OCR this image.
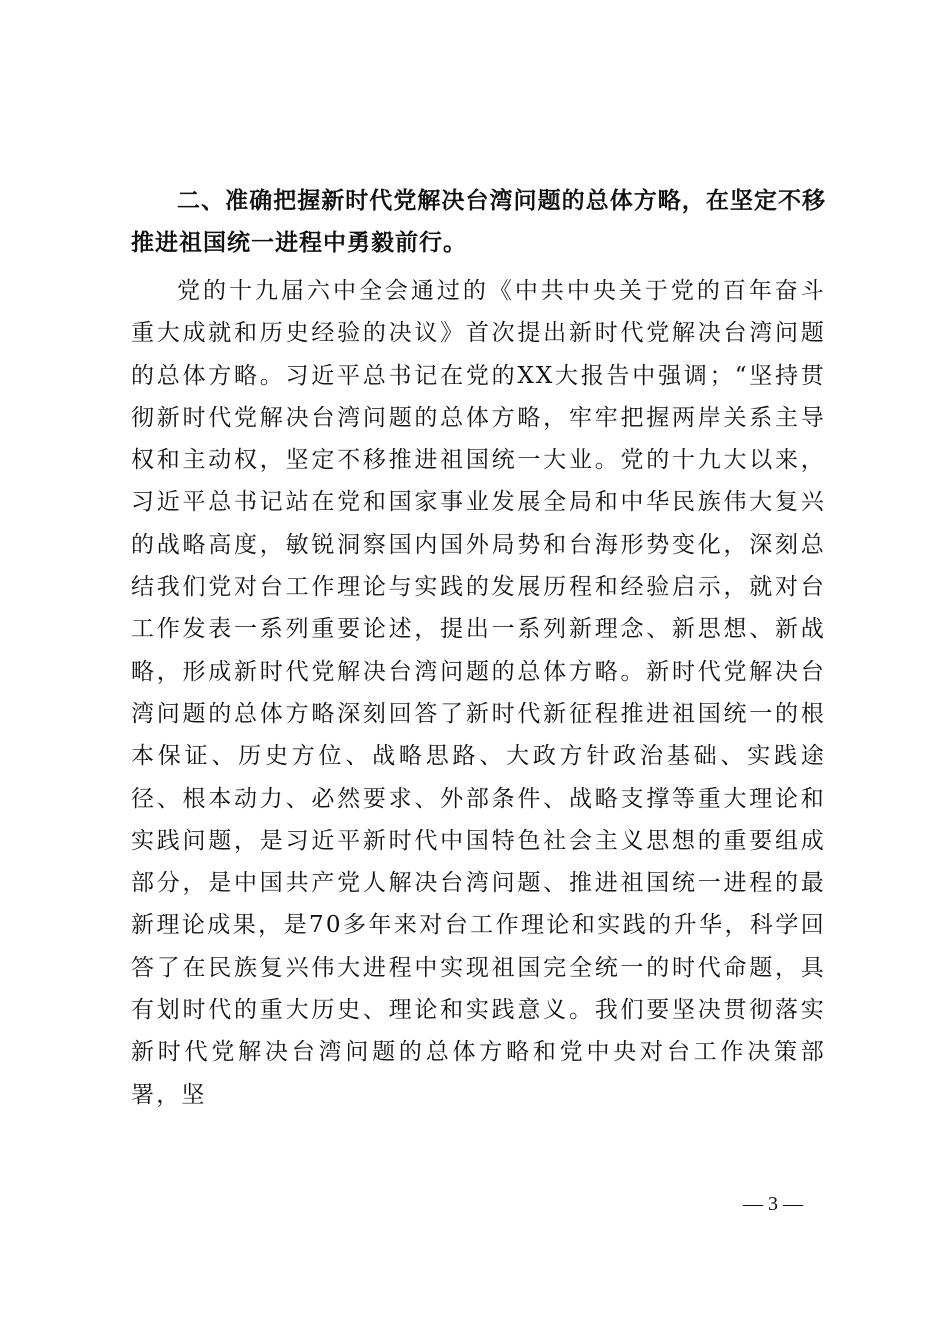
二、准确把握新时代党解决台湾问题的总体方略，在坚定不移推进祖国统一进程中勇毅前行。

党的十九届六中全会通过的《中共中央关于党的百年奋斗重大成就和历史经验的决议》首次提出新时代党解决台湾问题的总体方略。习近平总书记在党的XX大报告中强调；“坚持贯彻新时代党解决台湾问题的总体方略，牢牢把握两岸关系主导权和主动权，坚定不移推进祖国统一大业。党的十九大以来，习近平总书记站在党和国家事业发展全局和中华民族伟大复兴的战略高度，敏锐洞察国内国外局势和台海形势变化，深刻总结我们党对台工作理论与实践的发展历程和经验启示，就对台工作发表一系列重要论述，提出一系列新理念、新思想、新战略，形成新时代党解决台湾问题的总体方略。新时代党解决台湾问题的总体方略深刻回答了新时代新征程推进祖国统一的根本保证、历史方位、战略思路、大政方针政治基础、实践途径、根本动力、必然要求、外部条件、战略支撑等重大理论和实践问题，是习近平新时代中国特色社会主义思想的重要组成部分，是中国共产党人解决台湾问题、推进祖国统一进程的最新理论成果，是70多年来对台工作理论和实践的升华，科学回答了在民族复兴伟大进程中实现祖国完全统一的时代命题，具有划时代的重大历史、理论和实践意义。我们要坚决贯彻落实新时代党解决台湾问题的总体方略和党中央对台工作决策部署，坚

— 3 —
